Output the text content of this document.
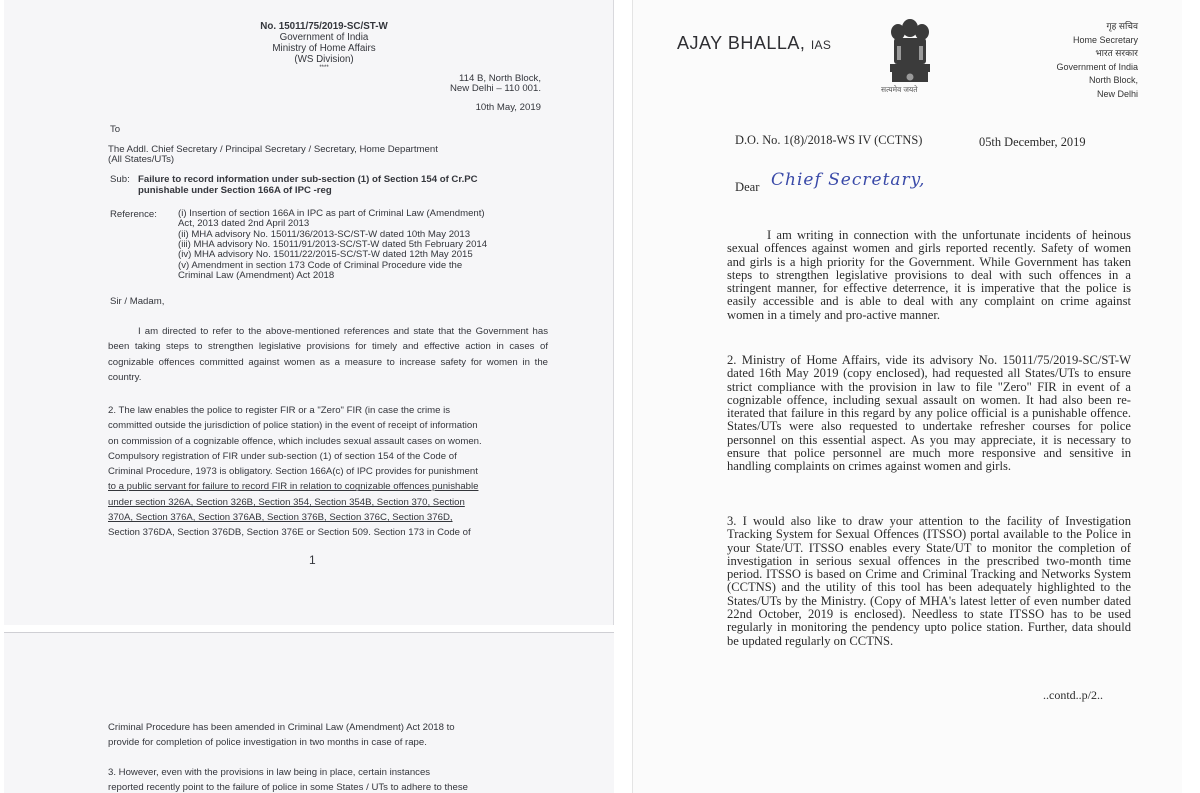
No. 15011/75/2019-SC/ST-W
Government of India
Ministry of Home Affairs
(WS Division)
****
114 B, North Block,
New Delhi – 110 001.
10th May, 2019
To
The Addl. Chief Secretary / Principal Secretary / Secretary, Home Department
(All States/UTs)
Sub: Failure to record information under sub-section (1) of Section 154 of Cr.PC
punishable under Section 166A of IPC -reg
Reference: (i) Insertion of section 166A in IPC as part of Criminal Law (Amendment)
Act, 2013 dated 2nd April 2013
(ii) MHA advisory No. 15011/36/2013-SC/ST-W dated 10th May 2013
(iii) MHA advisory No. 15011/91/2013-SC/ST-W dated 5th February 2014
(iv) MHA advisory No. 15011/22/2015-SC/ST-W dated 12th May 2015
(v) Amendment in section 173 Code of Criminal Procedure vide the
Criminal Law (Amendment) Act 2018
Sir / Madam,
I am directed to refer to the above-mentioned references and state that the Government has been taking steps to strengthen legislative provisions for timely and effective action in cases of cognizable offences committed against women as a measure to increase safety for women in the country.
2. The law enables the police to register FIR or a "Zero" FIR (in case the crime is
committed outside the jurisdiction of police station) in the event of receipt of information
on commission of a cognizable offence, which includes sexual assault cases on women.
Compulsory registration of FIR under sub-section (1) of section 154 of the Code of
Criminal Procedure, 1973 is obligatory. Section 166A(c) of IPC provides for punishment
to a public servant for failure to record FIR in relation to cognizable offences punishable
under section 326A, Section 326B, Section 354, Section 354B, Section 370, Section
370A, Section 376A, Section 376AB, Section 376B, Section 376C, Section 376D,
Section 376DA, Section 376DB, Section 376E or Section 509. Section 173 in Code of
1
Criminal Procedure has been amended in Criminal Law (Amendment) Act 2018 to
provide for completion of police investigation in two months in case of rape.
3. However, even with the provisions in law being in place, certain instances
reported recently point to the failure of police in some States / UTs to adhere to these
AJAY BHALLA, IAS
सत्यमेव जयते
गृह सचिव
Home Secretary
भारत सरकार
Government of India
North Block,
New Delhi
D.O. No. 1(8)/2018-WS IV (CCTNS)	05th December, 2019
Dear Chief Secretary,
I am writing in connection with the unfortunate incidents of heinous sexual offences against women and girls reported recently. Safety of women and girls is a high priority for the Government. While Government has taken steps to strengthen legislative provisions to deal with such offences in a stringent manner, for effective deterrence, it is imperative that the police is easily accessible and is able to deal with any complaint on crime against women in a timely and pro-active manner.
2. Ministry of Home Affairs, vide its advisory No. 15011/75/2019-SC/ST-W dated 16th May 2019 (copy enclosed), had requested all States/UTs to ensure strict compliance with the provision in law to file "Zero" FIR in event of a cognizable offence, including sexual assault on women. It had also been re-iterated that failure in this regard by any police official is a punishable offence. States/UTs were also requested to undertake refresher courses for police personnel on this essential aspect. As you may appreciate, it is necessary to ensure that police personnel are much more responsive and sensitive in handling complaints on crimes against women and girls.
3. I would also like to draw your attention to the facility of Investigation Tracking System for Sexual Offences (ITSSO) portal available to the Police in your State/UT. ITSSO enables every State/UT to monitor the completion of investigation in serious sexual offences in the prescribed two-month time period. ITSSO is based on Crime and Criminal Tracking and Networks System (CCTNS) and the utility of this tool has been adequately highlighted to the States/UTs by the Ministry. (Copy of MHA's latest letter of even number dated 22nd October, 2019 is enclosed). Needless to state ITSSO has to be used regularly in monitoring the pendency upto police station. Further, data should be updated regularly on CCTNS.
..contd..p/2..
